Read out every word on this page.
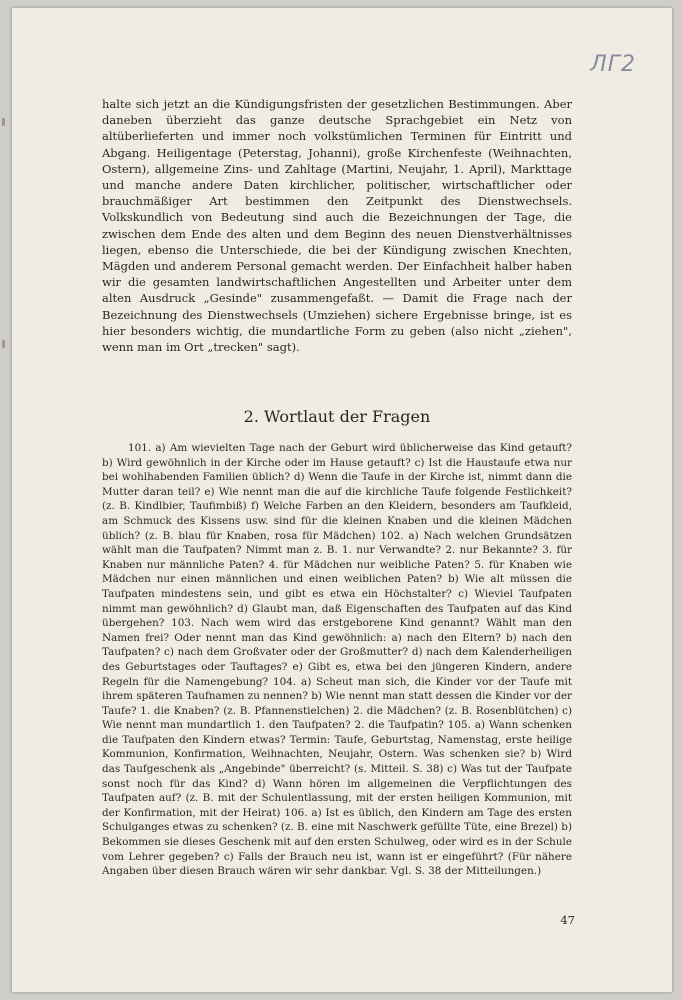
ЛГ2
halte sich jetzt an die Kündigungsfristen der gesetzlichen Bestimmungen. Aber daneben überzieht das ganze deutsche Sprachgebiet ein Netz von altüberlieferten und immer noch volkstümlichen Terminen für Eintritt und Abgang. Heiligentage (Peterstag, Johanni), große Kirchenfeste (Weihnachten, Ostern), allgemeine Zins- und Zahltage (Martini, Neujahr, 1. April), Markttage und manche andere Daten kirchlicher, politischer, wirtschaftlicher oder brauchmäßiger Art bestimmen den Zeitpunkt des Dienstwechsels. Volkskundlich von Bedeutung sind auch die Bezeichnungen der Tage, die zwischen dem Ende des alten und dem Beginn des neuen Dienstverhältnisses liegen, ebenso die Unterschiede, die bei der Kündigung zwischen Knechten, Mägden und anderem Personal gemacht werden. Der Einfachheit halber haben wir die gesamten landwirtschaftlichen Angestellten und Arbeiter unter dem alten Ausdruck „Gesinde" zusammengefaßt. — Damit die Frage nach der Bezeichnung des Dienstwechsels (Umziehen) sichere Ergebnisse bringe, ist es hier besonders wichtig, die mundartliche Form zu geben (also nicht „ziehen", wenn man im Ort „trecken" sagt).
2. Wortlaut der Fragen
101. a) Am wievielten Tage nach der Geburt wird üblicherweise das Kind getauft? b) Wird gewöhnlich in der Kirche oder im Hause getauft? c) Ist die Haustaufe etwa nur bei wohlhabenden Familien üblich? d) Wenn die Taufe in der Kirche ist, nimmt dann die Mutter daran teil? e) Wie nennt man die auf die kirchliche Taufe folgende Festlichkeit? (z. B. Kindlbier, Taufimbiß) f) Welche Farben an den Kleidern, besonders am Taufkleid, am Schmuck des Kissens usw. sind für die kleinen Knaben und die kleinen Mädchen üblich? (z. B. blau für Knaben, rosa für Mädchen) 102. a) Nach welchen Grundsätzen wählt man die Taufpaten? Nimmt man z. B. 1. nur Verwandte? 2. nur Bekannte? 3. für Knaben nur männliche Paten? 4. für Mädchen nur weibliche Paten? 5. für Knaben wie Mädchen nur einen männlichen und einen weiblichen Paten? b) Wie alt müssen die Taufpaten mindestens sein, und gibt es etwa ein Höchstalter? c) Wieviel Taufpaten nimmt man gewöhnlich? d) Glaubt man, daß Eigenschaften des Taufpaten auf das Kind übergehen? 103. Nach wem wird das erstgeborene Kind genannt? Wählt man den Namen frei? Oder nennt man das Kind gewöhnlich: a) nach den Eltern? b) nach den Taufpaten? c) nach dem Großvater oder der Großmutter? d) nach dem Kalenderheiligen des Geburtstages oder Tauftages? e) Gibt es, etwa bei den jüngeren Kindern, andere Regeln für die Namengebung? 104. a) Scheut man sich, die Kinder vor der Taufe mit ihrem späteren Taufnamen zu nennen? b) Wie nennt man statt dessen die Kinder vor der Taufe? 1. die Knaben? (z. B. Pfannenstielchen) 2. die Mädchen? (z. B. Rosenblütchen) c) Wie nennt man mundartlich 1. den Taufpaten? 2. die Taufpatin? 105. a) Wann schenken die Taufpaten den Kindern etwas? Termin: Taufe, Geburtstag, Namenstag, erste heilige Kommunion, Konfirmation, Weihnachten, Neujahr, Ostern. Was schenken sie? b) Wird das Taufgeschenk als „Angebinde" überreicht? (s. Mitteil. S. 38) c) Was tut der Taufpate sonst noch für das Kind? d) Wann hören im allgemeinen die Verpflichtungen des Taufpaten auf? (z. B. mit der Schulentlassung, mit der ersten heiligen Kommunion, mit der Konfirmation, mit der Heirat) 106. a) Ist es üblich, den Kindern am Tage des ersten Schulganges etwas zu schenken? (z. B. eine mit Naschwerk gefüllte Tüte, eine Brezel) b) Bekommen sie dieses Geschenk mit auf den ersten Schulweg, oder wird es in der Schule vom Lehrer gegeben? c) Falls der Brauch neu ist, wann ist er eingeführt? (Für nähere Angaben über diesen Brauch wären wir sehr dankbar. Vgl. S. 38 der Mitteilungen.)
47
